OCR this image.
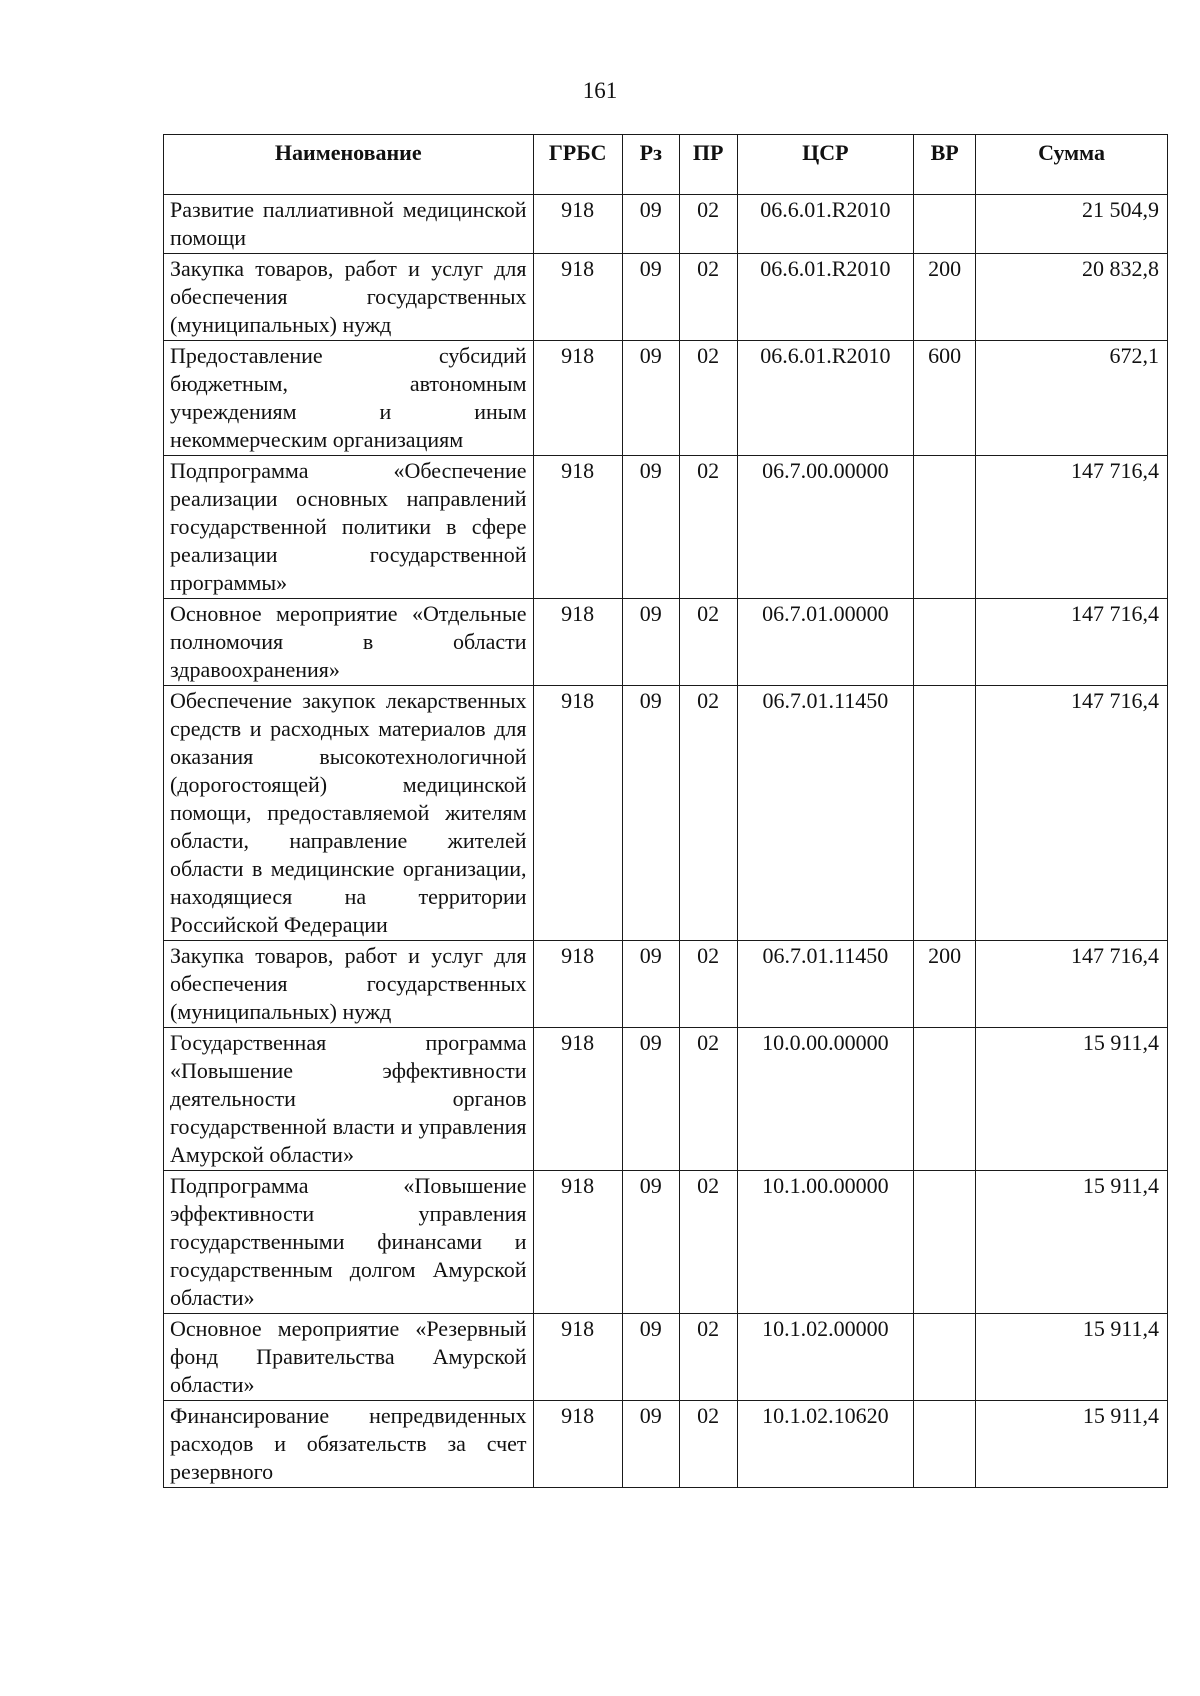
161
Наименование	ГРБС	Рз	ПР	ЦСР	ВР	Сумма
Развитие паллиативной медицинской помощи	918	09	02	06.6.01.R2010		21 504,9
Закупка товаров, работ и услуг для обеспечения государственных (муниципальных) нужд	918	09	02	06.6.01.R2010	200	20 832,8
Предоставление субсидий бюджетным, автономным учреждениям и иным некоммерческим организациям	918	09	02	06.6.01.R2010	600	672,1
Подпрограмма «Обеспечение реализации основных направлений государственной политики в сфере реализации государственной программы»	918	09	02	06.7.00.00000		147 716,4
Основное мероприятие «Отдельные полномочия в области здравоохранения»	918	09	02	06.7.01.00000		147 716,4
Обеспечение закупок лекарственных средств и расходных материалов для оказания высокотехнологичной (дорогостоящей) медицинской помощи, предоставляемой жителям области, направление жителей области в медицинские организации, находящиеся на территории Российской Федерации	918	09	02	06.7.01.11450		147 716,4
Закупка товаров, работ и услуг для обеспечения государственных (муниципальных) нужд	918	09	02	06.7.01.11450	200	147 716,4
Государственная программа «Повышение эффективности деятельности органов государственной власти и управления Амурской области»	918	09	02	10.0.00.00000		15 911,4
Подпрограмма «Повышение эффективности управления государственными финансами и государственным долгом Амурской области»	918	09	02	10.1.00.00000		15 911,4
Основное мероприятие «Резервный фонд Правительства Амурской области»	918	09	02	10.1.02.00000		15 911,4
Финансирование непредвиденных расходов и обязательств за счет резервного	918	09	02	10.1.02.10620		15 911,4
